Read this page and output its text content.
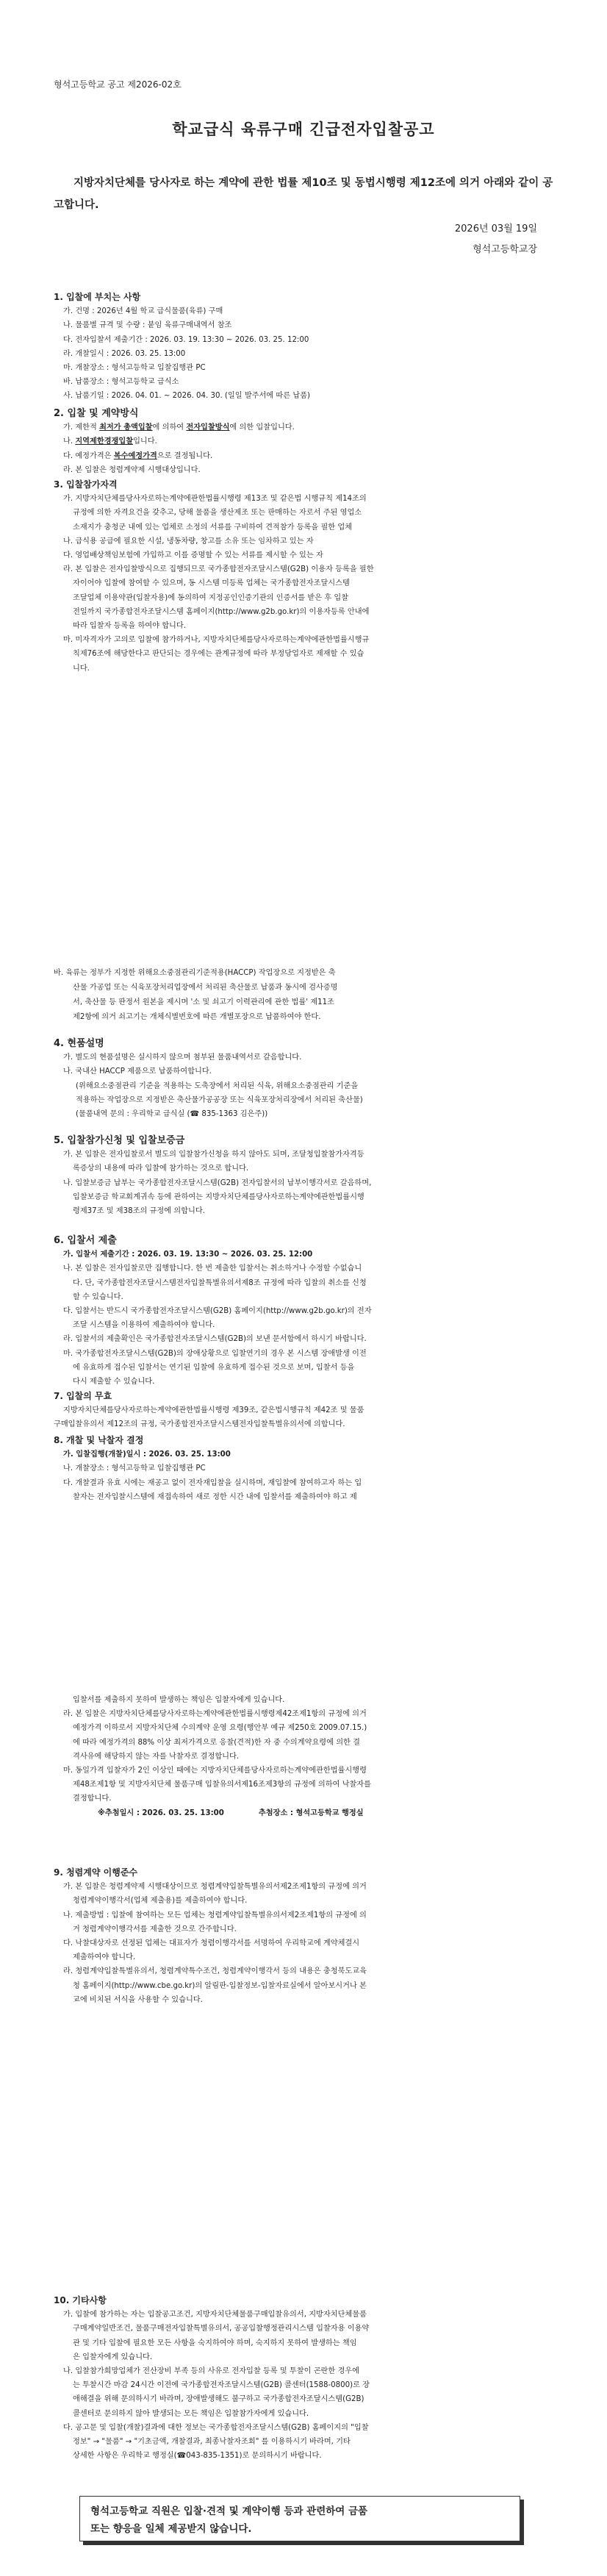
형석고등학교 공고 제2026-02호
학교급식 육류구매 긴급전자입찰공고
지방자치단체를 당사자로 하는 계약에 관한 법률 제10조 및 동법시행령 제12조에 의거 아래와 같이 공고합니다.
2026년 03월 19일
형석고등학교장
1. 입찰에 부치는 사항
가. 건명 : 2026년 4월 학교 급식물품(육류) 구매
나. 물품별 규격 및 수량 : 붙임 육류구매내역서 참조
다. 전자입찰서 제출기간 : 2026. 03. 19. 13:30 ~ 2026. 03. 25. 12:00
라. 개찰일시 : 2026. 03. 25. 13:00
마. 개찰장소 : 형석고등학교 입찰집행관 PC
바. 납품장소 : 형석고등학교 급식소
사. 납품기일 : 2026. 04. 01. ~ 2026. 04. 30. (일일 발주서에 따른 납품)
2. 입찰 및 계약방식
가. 제한적 최저가 총액입찰에 의하여 전자입찰방식에 의한 입찰입니다.
나. 지역제한경쟁입찰입니다.
다. 예정가격은 복수예정가격으로 결정됩니다.
라. 본 입찰은 청렴계약제 시행대상입니다.
3. 입찰참가자격
가. 지방자치단체를당사자로하는계약에관한법률시행령 제13조 및 같은법 시행규칙 제14조의
규정에 의한 자격요건을 갖추고, 당해 물품을 생산제조 또는 판매하는 자로서 주된 영업소
소재지가 충청군 내에 있는 업체로 소정의 서류를 구비하여 견적참가 등록을 필한 업체
나. 급식용 공급에 필요한 시설, 냉동차량, 창고를 소유 또는 임차하고 있는 자
다. 영업배상책임보험에 가입하고 이를 증명할 수 있는 서류를 제시할 수 있는 자
라. 본 입찰은 전자입찰방식으로 집행되므로 국가종합전자조달시스템(G2B) 이용자 등록을 필한
자이어야 입찰에 참여할 수 있으며, 동 시스템 미등록 업체는 국가종합전자조달시스템
조달업체 이용약관(입찰자용)에 동의하여 지정공인인증기관의 인증서를 받은 후 입찰
전일까지 국가종합전자조달시스템 홈페이지(http://www.g2b.go.kr)의 이용자등록 안내에
따라 입찰자 등록을 하여야 합니다.
마. 미자격자가 고의로 입찰에 참가하거나, 지방자치단체를당사자로하는계약에관한법률시행규
칙제76조에 해당한다고 판단되는 경우에는 관계규정에 따라 부정당업자로 제재할 수 있습
니다.
바. 육류는 정부가 지정한 위해요소중점관리기준적용(HACCP) 작업장으로 지정받은 축
산물 가공업 또는 식육포장처리업장에서 처리된 축산물로 납품과 동시에 검사증명
서, 축산물 등 판정서 원본을 제시며 '소 및 쇠고기 이력관리에 관한 법률' 제11조
제2항에 의거 쇠고기는 개체식별번호에 따른 개별포장으로 납품하여야 한다.
4. 현품설명
가. 별도의 현품설명은 실시하지 않으며 첨부된 물품내역서로 갈음합니다.
나. 국내산 HACCP 제품으로 납품하여합니다.
(위해요소중점관리 기준을 적용하는 도축장에서 처리된 식육, 위해요소중점관리 기준을
적용하는 작업장으로 지정받은 축산물가공공장 또는 식육포장처리장에서 처리된 축산물)
(물품내역 문의 : 우리학교 급식실 (☎ 835-1363 김은주))
5. 입찰참가신청 및 입찰보증금
가. 본 입찰은 전자입찰로서 별도의 입찰참가신청을 하지 않아도 되며, 조달청입찰참가자격등
록증상의 내용에 따라 입찰에 참가하는 것으로 합니다.
나. 입찰보증금 납부는 국가종합전자조달시스템(G2B) 전자입찰서의 납부이행각서로 갈음하며,
입찰보증금 학교회계귀속 등에 관하여는 지방자치단체를당사자로하는계약에관한법률시행
령제37조 및 제38조의 규정에 의합니다.
6. 입찰서 제출
가. 입찰서 제출기간 : 2026. 03. 19. 13:30 ~ 2026. 03. 25. 12:00
나. 본 입찰은 전자입찰로만 집행합니다. 한 번 제출한 입찰서는 취소하거나 수정할 수없습니
다. 단, 국가종합전자조달시스템전자입찰특별유의서제8조 규정에 따라 입찰의 취소를 신청
할 수 있습니다.
다. 입찰서는 반드시 국가종합전자조달시스템(G2B) 홈페이지(http://www.g2b.go.kr)의 전자
조달 시스템을 이용하여 제출하여야 합니다.
라. 입찰서의 제출확인은 국가종합전자조달시스템(G2B)의 보낸 문서함에서 하시기 바랍니다.
마. 국가종합전자조달시스템(G2B)의 장애상황으로 입찰연기의 경우 본 시스템 장애발생 이전
에 유효하게 접수된 입찰서는 연기된 입찰에 유효하게 접수된 것으로 보며, 입찰서 등을
다시 제출할 수 있습니다.
7. 입찰의 무효
지방자치단체를당사자로하는계약에관한법률시행령 제39조, 같은법시행규칙 제42조 및 물품
구매입찰유의서 제12조의 규정, 국가종합전자조달시스템전자입찰특별유의서에 의합니다.
8. 개찰 및 낙찰자 결정
가. 입찰집행(개찰)일시 : 2026. 03. 25. 13:00
나. 개찰장소 : 형석고등학교 입찰집행관 PC
다. 개찰결과 유효 시에는 재공고 없이 전자재입찰을 실시하며, 재입찰에 참여하고자 하는 입
찰자는 전자입찰시스템에 재접속하여 새로 정한 시간 내에 입찰서를 제출하여야 하고 제
입찰서를 제출하지 못하여 발생하는 책임은 입찰자에게 있습니다.
라. 본 입찰은 지방자치단체를당사자로하는계약에관한법률시행령제42조제1항의 규정에 의거
예정가격 이하로서 지방자치단체 수의계약 운영 요령(행안부 예규 제250호 2009.07.15.)
에 따라 예정가격의 88% 이상 최저가격으로 응찰(견적)한 자 중 수의계약요령에 의한 결
격사유에 해당하지 않는 자를 낙찰자로 결정합니다.
마. 동일가격 입찰자가 2인 이상인 때에는 지방자치단체를당사자로하는계약에관한법률시행령
제48조제1항 및 지방자치단체 물품구매 입찰유의서제16조제3항의 규정에 의하여 낙찰자를
결정합니다.
※추첨일시 : 2026. 03. 25. 13:00	추첨장소 : 형석고등학교 행정실
9. 청렴계약 이행준수
가. 본 입찰은 청렴계약제 시행대상이므로 청렴계약입찰특별유의서제2조제1항의 규정에 의거
청렴계약이행각서(업체 제출용)를 제출하여야 합니다.
나. 제출방법 : 입찰에 참여하는 모든 업체는 청렴계약입찰특별유의서제2조제1항의 규정에 의
거 청렴계약이행각서를 제출한 것으로 간주합니다.
다. 낙찰대상자로 선정된 업체는 대표자가 청렴이행각서를 서명하여 우리학교에 계약체결시
제출하여야 합니다.
라. 청렴계약입찰특별유의서, 청렴계약특수조건, 청렴계약이행각서 등의 내용은 충청북도교육
청 홈페이지(http://www.cbe.go.kr)의 알림판-입찰정보-입찰자료실에서 알아보시거나 본
교에 비치된 서식을 사용할 수 있습니다.
10. 기타사항
가. 입찰에 참가하는 자는 입찰공고조건, 지방자치단체물품구매입찰유의서, 지방자치단체물품
구매계약일반조건, 물품구매전자입찰특별유의서, 공공입찰행정관리시스템 입찰자용 이용약
관 및 기타 입찰에 필요한 모든 사항을 숙지하여야 하며, 숙지하지 못하여 발생하는 책임
은 입찰자에게 있습니다.
나. 입찰참가희망업체가 전산장비 부족 등의 사유로 전자입찰 등록 및 투찰이 곤란한 경우에
는 투찰시간 마감 24시간 이전에 국가종합전자조달시스템(G2B) 콜센터(1588-0800)로 장
애해결을 위해 문의하시기 바라며, 장애발생해도 불구하고 국가종합전자조달시스템(G2B)
콜센터로 문의하지 않아 발생되는 모든 책임은 입찰참가자에게 있습니다.
다. 공고문 및 입찰(개찰)결과에 대한 정보는 국가종합전자조달시스템(G2B) 홈페이지의 "입찰
정보" → "물품" → "기초금액, 개찰결과, 최종낙찰자조회" 를 이용하시기 바라며, 기타
상세한 사항은 우리학교 행정실(☎043-835-1351)로 문의하시기 바랍니다.
형석고등학교 직원은 입찰·견적 및 계약이행 등과 관련하여 금품
또는 향응을 일체 제공받지 않습니다.
